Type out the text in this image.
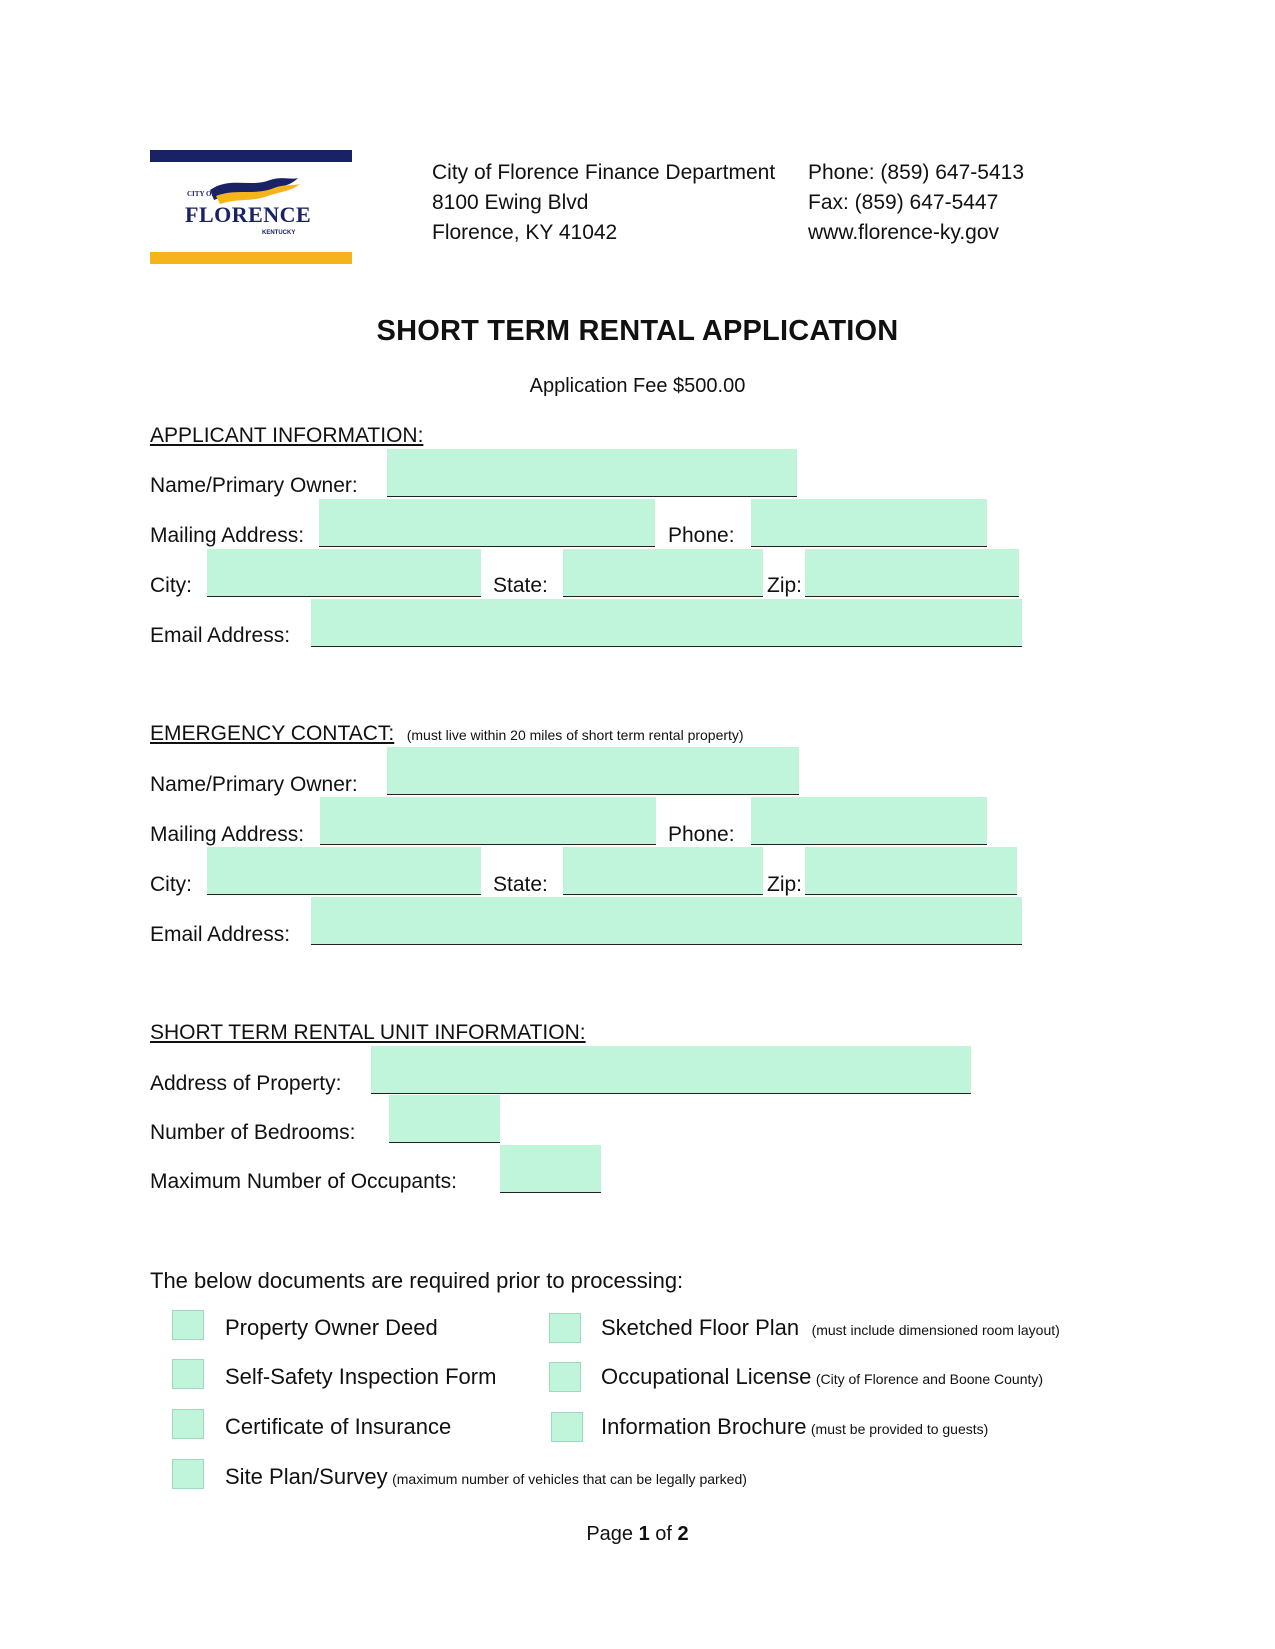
CITY OF
FLORENCE
KENTUCKY
City of Florence Finance Department
8100 Ewing Blvd
Florence, KY 41042
Phone: (859) 647-5413
Fax: (859) 647-5447
www.florence-ky.gov
SHORT TERM RENTAL APPLICATION
Application Fee $500.00
APPLICANT INFORMATION:
Name/Primary Owner:
Mailing Address:	Phone:
City:	State:	Zip:
Email Address:
EMERGENCY CONTACT: (must live within 20 miles of short term rental property)
Name/Primary Owner:
Mailing Address:	Phone:
City:	State:	Zip:
Email Address:
SHORT TERM RENTAL UNIT INFORMATION:
Address of Property:
Number of Bedrooms:
Maximum Number of Occupants:
The below documents are required prior to processing:
Property Owner Deed
Self-Safety Inspection Form
Certificate of Insurance
Site Plan/Survey (maximum number of vehicles that can be legally parked)
Sketched Floor Plan (must include dimensioned room layout)
Occupational License (City of Florence and Boone County)
Information Brochure (must be provided to guests)
Page 1 of 2
